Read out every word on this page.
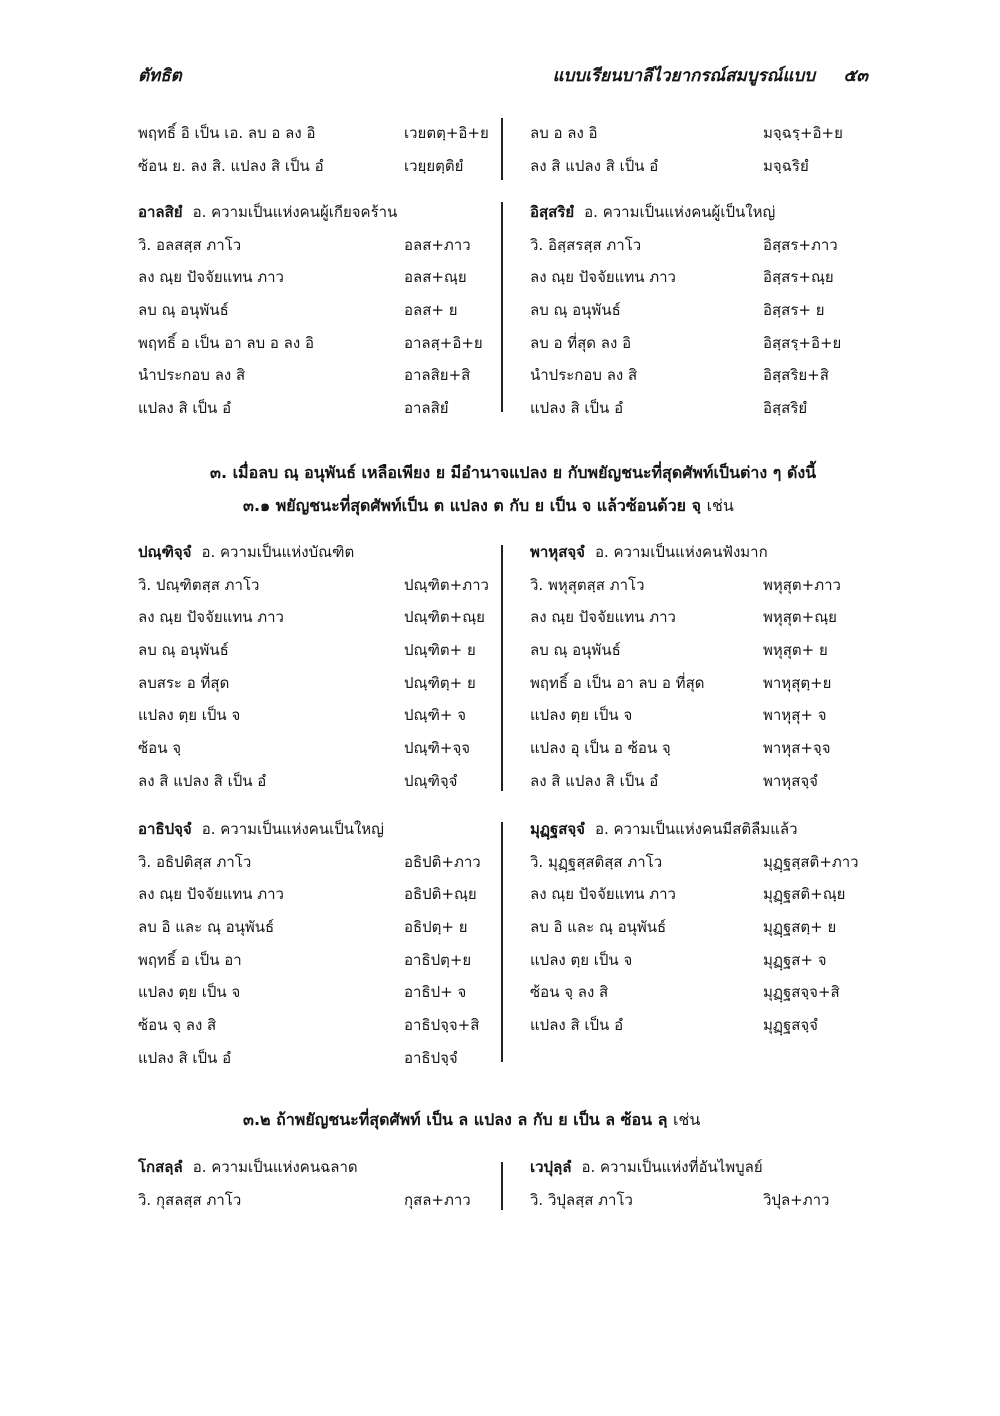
ตัทธิต	แบบเรียนบาลีไวยากรณ์สมบูรณ์แบบ ๕๓
พฤทธิ์ อิ เป็น เอ. ลบ อ ลง อิ	เวยตตฺ+อิ+ย
ซ้อน ย. ลง สิ. แปลง สิ เป็น อํ	เวยฺยตฺติยํ
ลบ อ ลง อิ	มจฺฉรฺ+อิ+ย
ลง สิ แปลง สิ เป็น อํ	มจฺฉริยํ
อาลสิยํ อ. ความเป็นแห่งคนผู้เกียจคร้าน
วิ. อลสสฺส ภาโว	อลส+ภาว
ลง ณฺย ปัจจัยแทน ภาว	อลส+ณฺย
ลบ ณฺ อนุพันธ์	อลส+ ย
พฤทธิ์ อ เป็น อา ลบ อ ลง อิ	อาลสฺ+อิ+ย
นำประกอบ ลง สิ	อาลสิย+สิ
แปลง สิ เป็น อํ	อาลสิยํ
อิสฺสริยํ อ. ความเป็นแห่งคนผู้เป็นใหญ่
วิ. อิสฺสรสฺส ภาโว	อิสฺสร+ภาว
ลง ณฺย ปัจจัยแทน ภาว	อิสฺสร+ณฺย
ลบ ณฺ อนุพันธ์	อิสฺสร+ ย
ลบ อ ที่สุด ลง อิ	อิสฺสรฺ+อิ+ย
นำประกอบ ลง สิ	อิสฺสริย+สิ
แปลง สิ เป็น อํ	อิสฺสริยํ
๓. เมื่อลบ ณฺ อนุพันธ์ เหลือเพียง ย มีอำนาจแปลง ย กับพยัญชนะที่สุดศัพท์เป็นต่าง ๆ ดังนี้
๓.๑ พยัญชนะที่สุดศัพท์เป็น ต แปลง ต กับ ย เป็น จ แล้วซ้อนด้วย จฺ เช่น
ปณฺฑิจฺจํ อ. ความเป็นแห่งบัณฑิต
วิ. ปณฺฑิตสฺส ภาโว	ปณฺฑิต+ภาว
ลง ณฺย ปัจจัยแทน ภาว	ปณฺฑิต+ณฺย
ลบ ณฺ อนุพันธ์	ปณฺฑิต+ ย
ลบสระ อ ที่สุด	ปณฺฑิตฺ+ ย
แปลง ตฺย เป็น จ	ปณฺฑิ+ จ
ซ้อน จฺ	ปณฺฑิ+จฺจ
ลง สิ แปลง สิ เป็น อํ	ปณฺฑิจฺจํ
พาหุสจฺจํ อ. ความเป็นแห่งคนฟังมาก
วิ. พหุสุตสฺส ภาโว	พหุสุต+ภาว
ลง ณฺย ปัจจัยแทน ภาว	พหุสุต+ณฺย
ลบ ณฺ อนุพันธ์	พหุสุต+ ย
พฤทธิ์ อ เป็น อา ลบ อ ที่สุด	พาหุสุตฺ+ย
แปลง ตฺย เป็น จ	พาหุสุ+ จ
แปลง อุ เป็น อ ซ้อน จฺ	พาหุส+จฺจ
ลง สิ แปลง สิ เป็น อํ	พาหุสจฺจํ
อาธิปจฺจํ อ. ความเป็นแห่งคนเป็นใหญ่
วิ. อธิปติสฺส ภาโว	อธิปติ+ภาว
ลง ณฺย ปัจจัยแทน ภาว	อธิปติ+ณฺย
ลบ อิ และ ณฺ อนุพันธ์	อธิปตฺ+ ย
พฤทธิ์ อ เป็น อา	อาธิปตฺ+ย
แปลง ตฺย เป็น จ	อาธิป+ จ
ซ้อน จฺ ลง สิ	อาธิปจฺจ+สิ
แปลง สิ เป็น อํ	อาธิปจฺจํ
มุฏฺฐสจฺจํ อ. ความเป็นแห่งคนมีสติลืมแล้ว
วิ. มุฏฺฐสฺสติสฺส ภาโว	มุฏฺฐสฺสติ+ภาว
ลง ณฺย ปัจจัยแทน ภาว	มุฏฺฐสติ+ณฺย
ลบ อิ และ ณฺ อนุพันธ์	มุฏฺฐสตฺ+ ย
แปลง ตฺย เป็น จ	มุฏฺฐส+ จ
ซ้อน จฺ ลง สิ	มุฏฺฐสจฺจ+สิ
แปลง สิ เป็น อํ	มุฏฺฐสจฺจํ
๓.๒ ถ้าพยัญชนะที่สุดศัพท์ เป็น ล แปลง ล กับ ย เป็น ล ซ้อน ลฺ เช่น
โกสลฺลํ อ. ความเป็นแห่งคนฉลาด
วิ. กุสลสฺส ภาโว	กุสล+ภาว
เวปุลฺลํ อ. ความเป็นแห่งที่อันไพบูลย์
วิ. วิปุลสฺส ภาโว	วิปุล+ภาว
